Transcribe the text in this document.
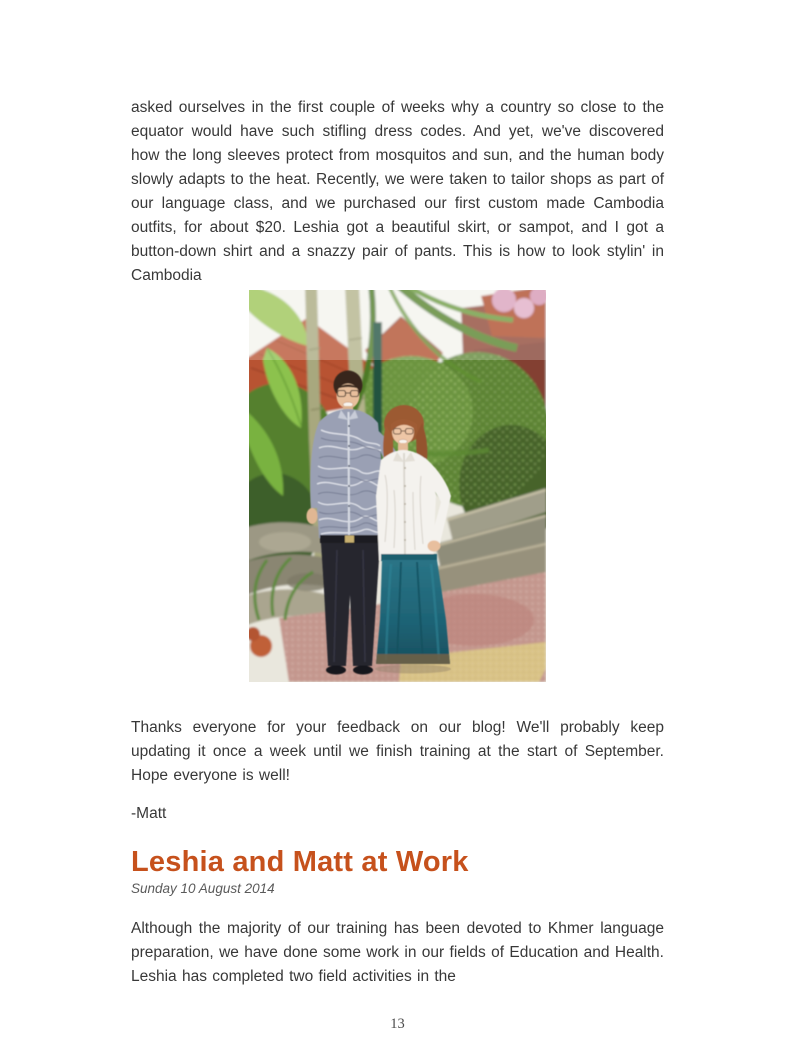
asked ourselves in the first couple of weeks why a country so close to the equator would have such stifling dress codes. And yet, we've discovered how the long sleeves protect from mosquitos and sun, and the human body slowly adapts to the heat. Recently, we were taken to tailor shops as part of our language class, and we purchased our first custom made Cambodia outfits, for about $20. Leshia got a beautiful skirt, or sampot, and I got a button-down shirt and a snazzy pair of pants. This is how to look stylin' in Cambodia

Thanks everyone for your feedback on our blog! We'll probably keep updating it once a week until we finish training at the start of September. Hope everyone is well!

-Matt

Leshia and Matt at Work
Sunday 10 August 2014

Although the majority of our training has been devoted to Khmer language preparation, we have done some work in our fields of Education and Health. Leshia has completed two field activities in the

13
